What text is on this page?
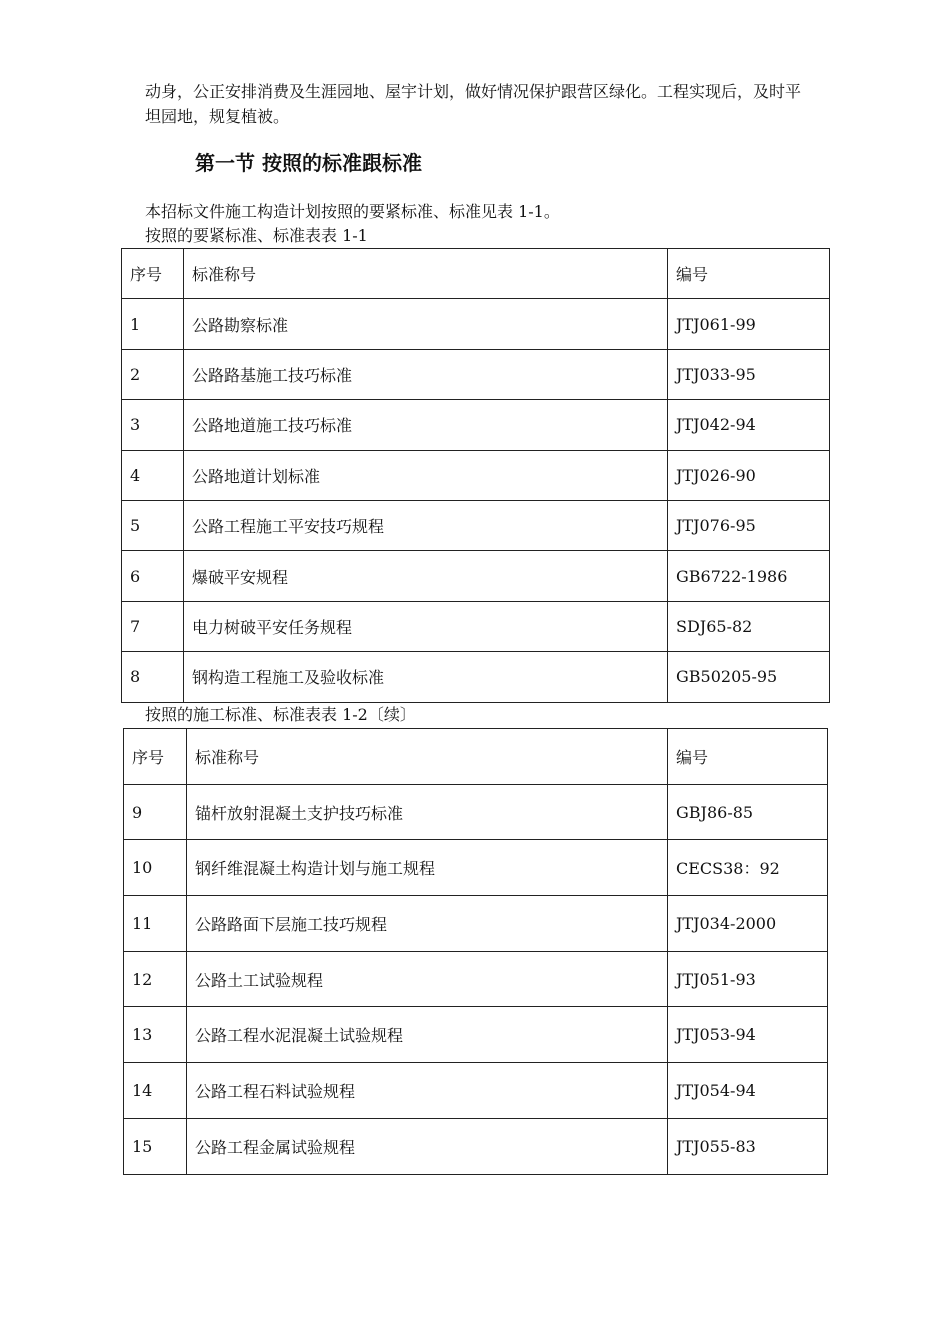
动身，公正安排消费及生涯园地、屋宇计划，做好情况保护跟营区绿化。工程实现后，及时平坦园地，规复植被。
第一节 按照的标准跟标准
本招标文件施工构造计划按照的要紧标准、标准见表 1-1。
按照的要紧标准、标准表表 1-1
序号	标准称号	编号
1	公路勘察标准	JTJ061-99
2	公路路基施工技巧标准	JTJ033-95
3	公路地道施工技巧标准	JTJ042-94
4	公路地道计划标准	JTJ026-90
5	公路工程施工平安技巧规程	JTJ076-95
6	爆破平安规程	GB6722-1986
7	电力树破平安任务规程	SDJ65-82
8	钢构造工程施工及验收标准	GB50205-95
按照的施工标准、标准表表 1-2〔续〕
序号	标准称号	编号
9	锚杆放射混凝土支护技巧标准	GBJ86-85
10	钢纤维混凝土构造计划与施工规程	CECS38：92
11	公路路面下层施工技巧规程	JTJ034-2000
12	公路土工试验规程	JTJ051-93
13	公路工程水泥混凝土试验规程	JTJ053-94
14	公路工程石料试验规程	JTJ054-94
15	公路工程金属试验规程	JTJ055-83
